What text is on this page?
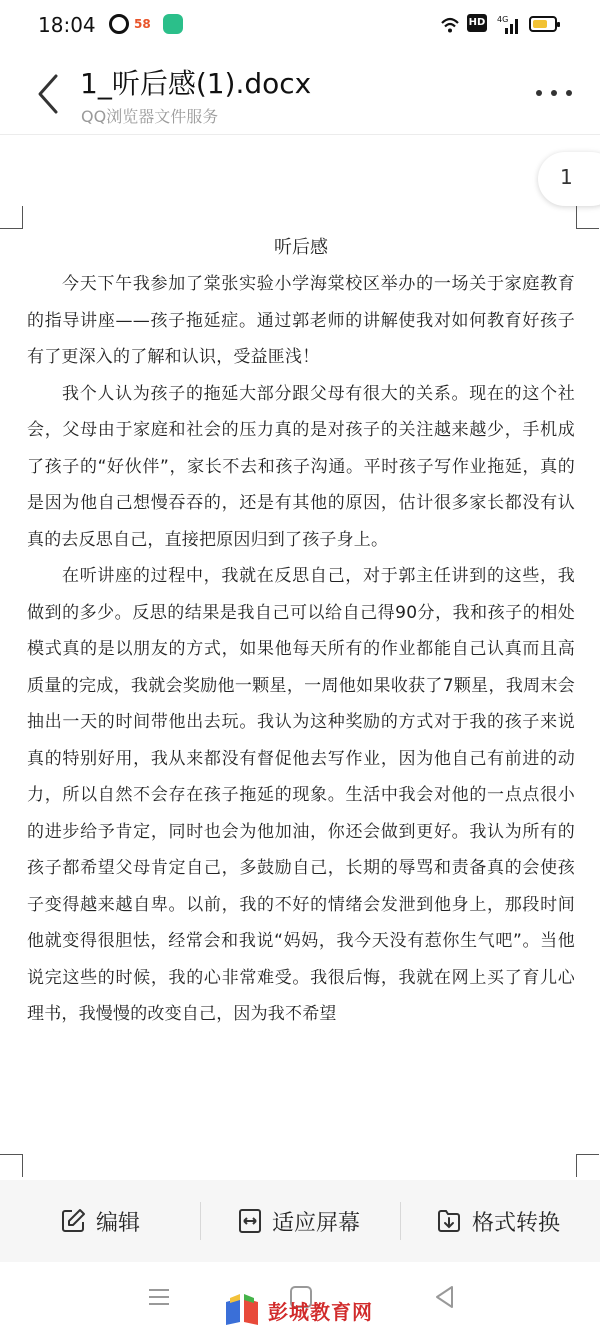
18:04	58	HD 4G
1_听后感(1).docx
QQ浏览器文件服务
1
听后感

今天下午我参加了棠张实验小学海棠校区举办的一场关于家庭教育的指导讲座——孩子拖延症。通过郭老师的讲解使我对如何教育好孩子有了更深入的了解和认识，受益匪浅！

我个人认为孩子的拖延大部分跟父母有很大的关系。现在的这个社会，父母由于家庭和社会的压力真的是对孩子的关注越来越少，手机成了孩子的“好伙伴”，家长不去和孩子沟通。平时孩子写作业拖延，真的是因为他自己想慢吞吞的，还是有其他的原因，估计很多家长都没有认真的去反思自己，直接把原因归到了孩子身上。

在听讲座的过程中，我就在反思自己，对于郭主任讲到的这些，我做到的多少。反思的结果是我自己可以给自己得90分，我和孩子的相处模式真的是以朋友的方式，如果他每天所有的作业都能自己认真而且高质量的完成，我就会奖励他一颗星，一周他如果收获了7颗星，我周末会抽出一天的时间带他出去玩。我认为这种奖励的方式对于我的孩子来说真的特别好用，我从来都没有督促他去写作业，因为他自己有前进的动力，所以自然不会存在孩子拖延的现象。生活中我会对他的一点点很小的进步给予肯定，同时也会为他加油，你还会做到更好。我认为所有的孩子都希望父母肯定自己，多鼓励自己，长期的辱骂和责备真的会使孩子变得越来越自卑。以前，我的不好的情绪会发泄到他身上，那段时间他就变得很胆怯，经常会和我说“妈妈，我今天没有惹你生气吧”。当他说完这些的时候，我的心非常难受。我很后悔，我就在网上买了育儿心理书，我慢慢的改变自己，因为我不希望

编辑	适应屏幕	格式转换
彭城教育网
